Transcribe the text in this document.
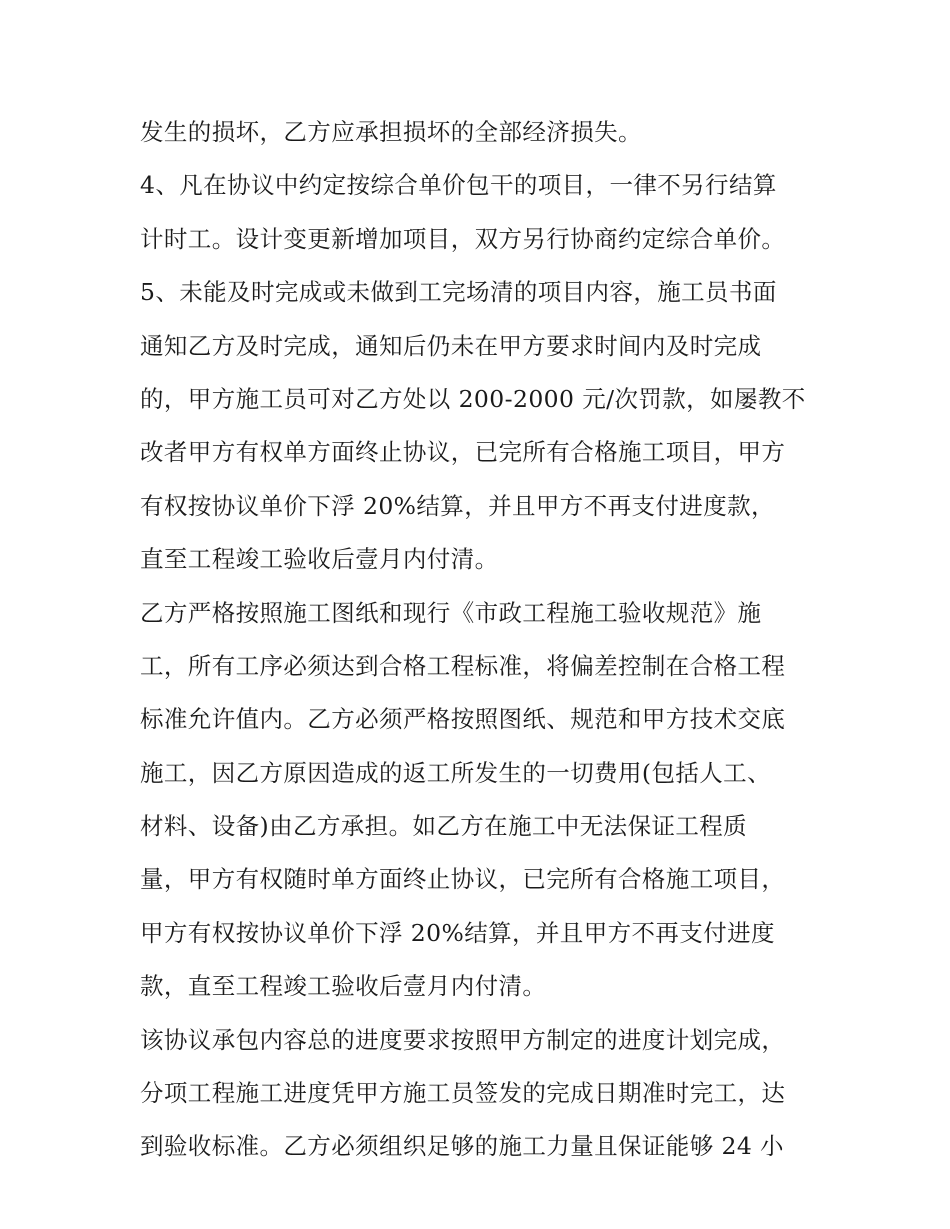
发生的损坏，乙方应承担损坏的全部经济损失。
4、凡在协议中约定按综合单价包干的项目，一律不另行结算
计时工。设计变更新增加项目，双方另行协商约定综合单价。
5、未能及时完成或未做到工完场清的项目内容，施工员书面
通知乙方及时完成，通知后仍未在甲方要求时间内及时完成
的，甲方施工员可对乙方处以 200-2000 元/次罚款，如屡教不
改者甲方有权单方面终止协议，已完所有合格施工项目，甲方
有权按协议单价下浮 20%结算，并且甲方不再支付进度款，
直至工程竣工验收后壹月内付清。
乙方严格按照施工图纸和现行《市政工程施工验收规范》施
工，所有工序必须达到合格工程标准，将偏差控制在合格工程
标准允许值内。乙方必须严格按照图纸、规范和甲方技术交底
施工，因乙方原因造成的返工所发生的一切费用(包括人工、
材料、设备)由乙方承担。如乙方在施工中无法保证工程质
量，甲方有权随时单方面终止协议，已完所有合格施工项目，
甲方有权按协议单价下浮 20%结算，并且甲方不再支付进度
款，直至工程竣工验收后壹月内付清。
该协议承包内容总的进度要求按照甲方制定的进度计划完成，
分项工程施工进度凭甲方施工员签发的完成日期准时完工，达
到验收标准。乙方必须组织足够的施工力量且保证能够 24 小
